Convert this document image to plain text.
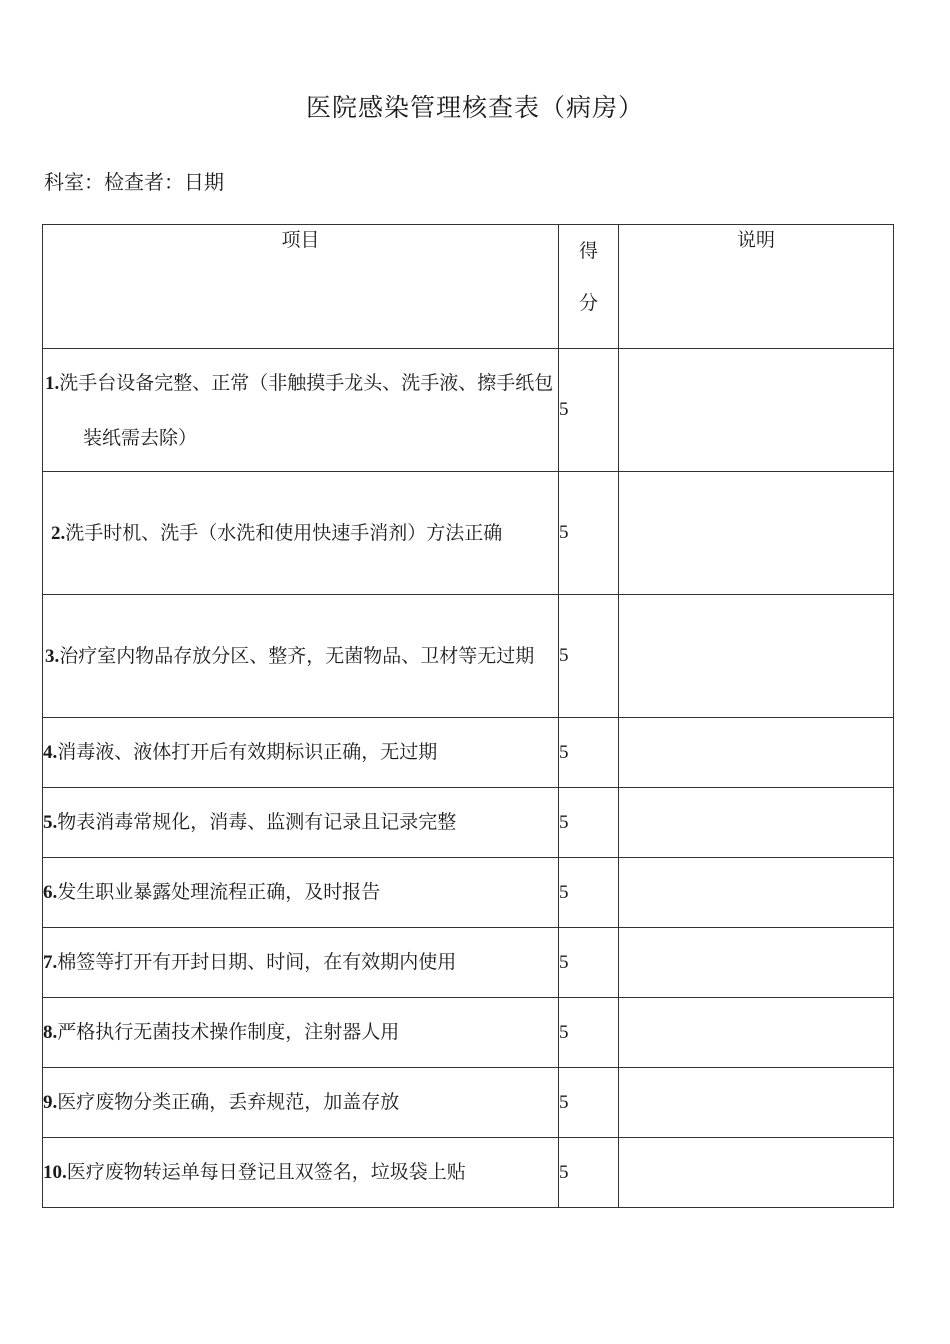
医院感染管理核查表（病房）
科室：检查者：日期
项目	得分	说明

1.洗手台设备完整、正常（非触摸手龙头、洗手液、擦手纸包装纸需去除）	5	

2.洗手时机、洗手（水洗和使用快速手消剂）方法正确	5	

3.治疗室内物品存放分区、整齐，无菌物品、卫材等无过期	5	

4.消毒液、液体打开后有效期标识正确，无过期	5	

5.物表消毒常规化，消毒、监测有记录且记录完整	5	

6.发生职业暴露处理流程正确，及时报告	5	

7.棉签等打开有开封日期、时间，在有效期内使用	5	

8.严格执行无菌技术操作制度，注射器人用	5	

9.医疗废物分类正确，丢弃规范，加盖存放	5	

10.医疗废物转运单每日登记且双签名，垃圾袋上贴	5	
